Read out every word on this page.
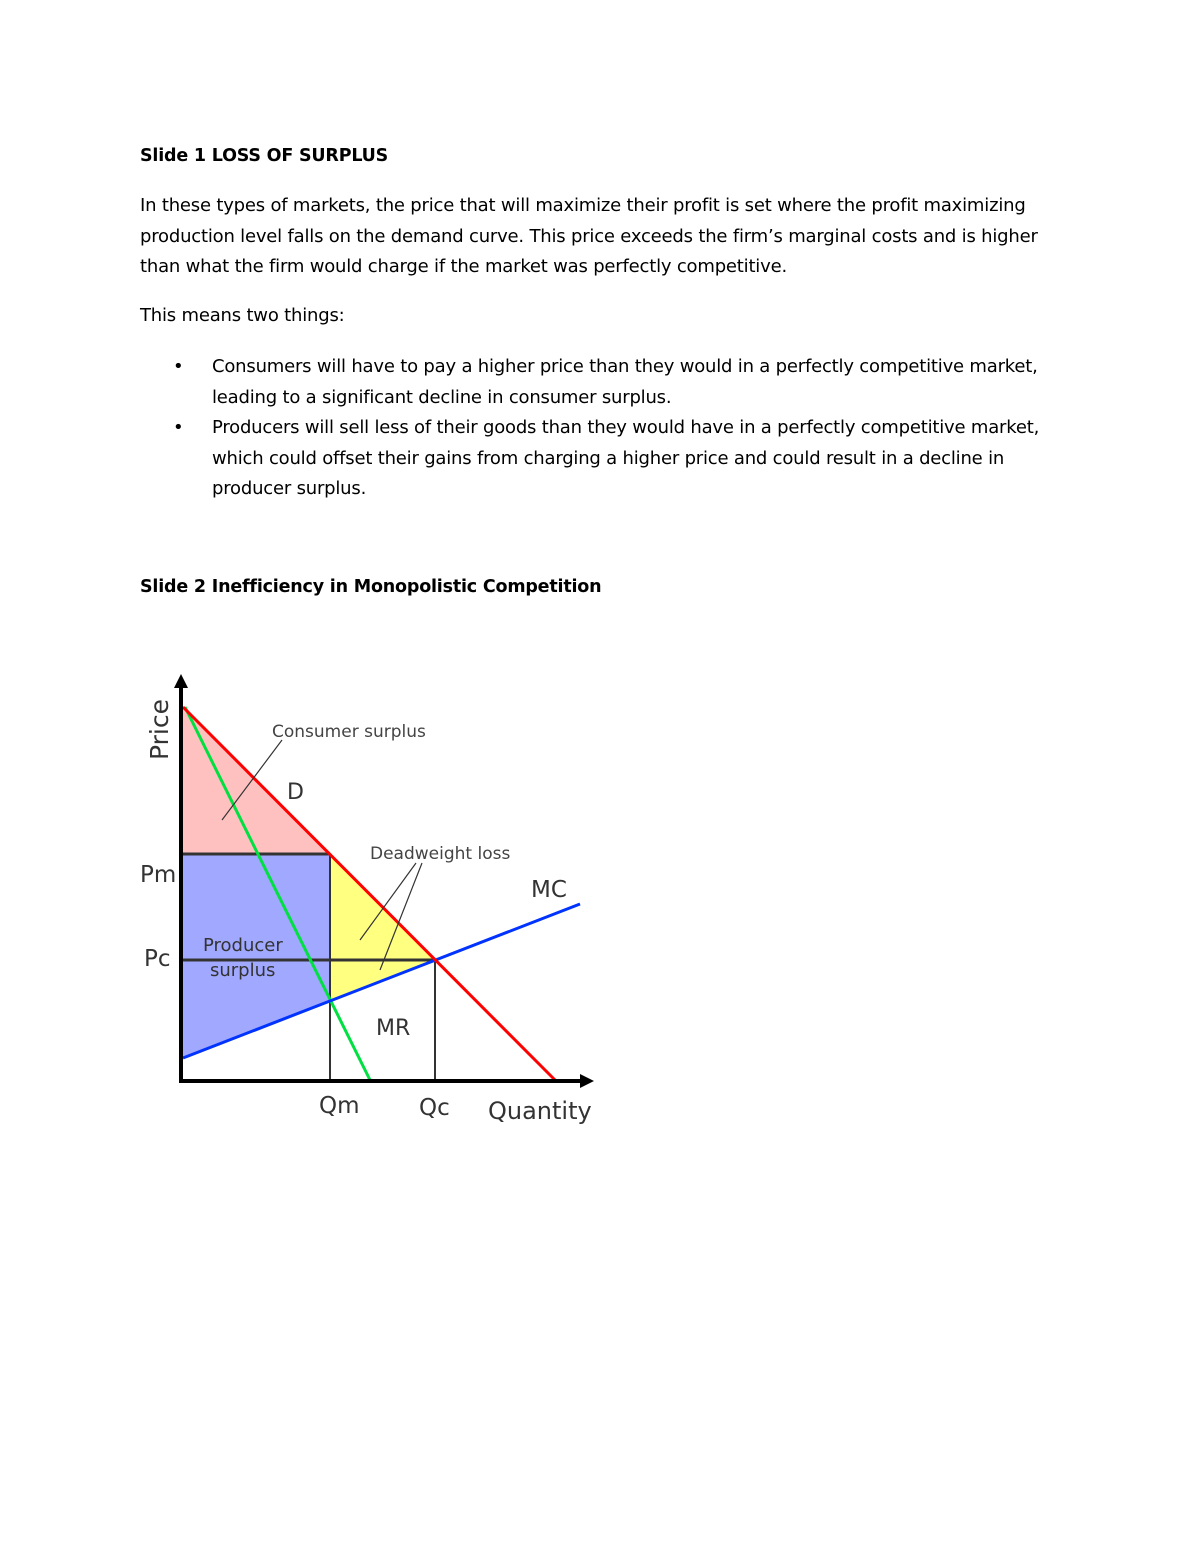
Slide 1 LOSS OF SURPLUS

In these types of markets, the price that will maximize their profit is set where the profit maximizing production level falls on the demand curve. This price exceeds the firm’s marginal costs and is higher than what the firm would charge if the market was perfectly competitive.

This means two things:

• Consumers will have to pay a higher price than they would in a perfectly competitive market, leading to a significant decline in consumer surplus.
• Producers will sell less of their goods than they would have in a perfectly competitive market, which could offset their gains from charging a higher price and could result in a decline in producer surplus.
Slide 2 Inefficiency in Monopolistic Competition
Price
Quantity
Pm
Pc
Qm	Qc
D
MC
MR
Consumer surplus
Deadweight loss
Producer
surplus
